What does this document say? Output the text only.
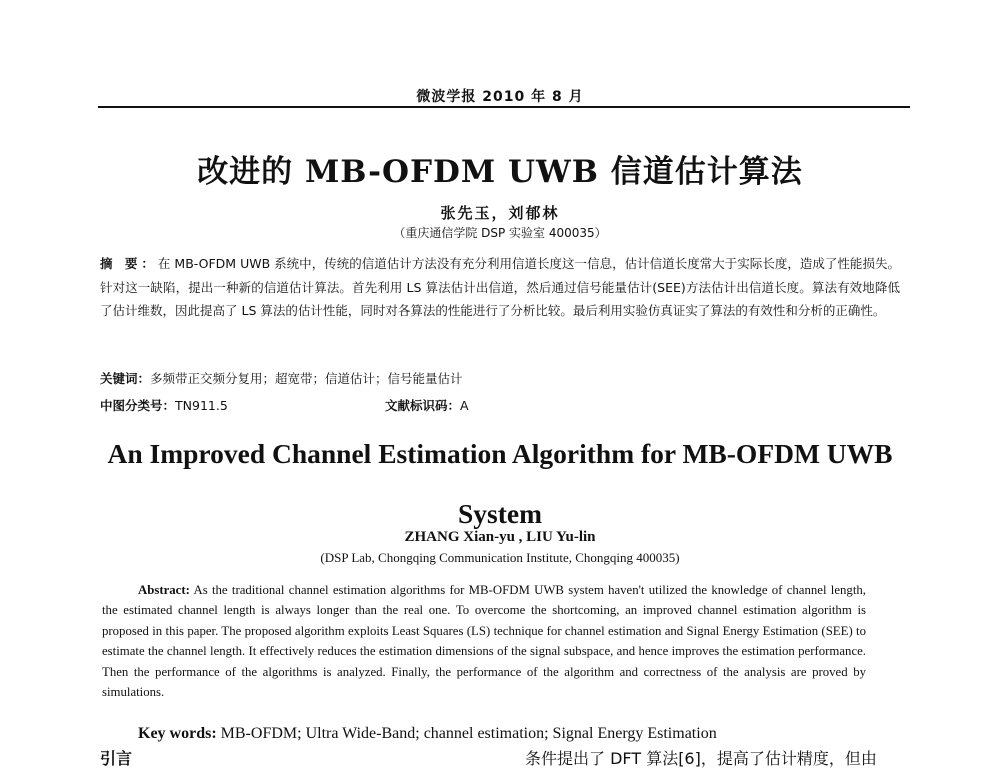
微波学报 2010 年 8 月
改进的 MB-OFDM UWB 信道估计算法
张先玉，刘郁林
（重庆通信学院 DSP 实验室 400035）
摘 要：在 MB-OFDM UWB 系统中，传统的信道估计方法没有充分利用信道长度这一信息，估计信道长度常大于实际长度，造成了性能损失。针对这一缺陷，提出一种新的信道估计算法。首先利用 LS 算法估计出信道，然后通过信号能量估计(SEE)方法估计出信道长度。算法有效地降低了估计维数，因此提高了 LS 算法的估计性能，同时对各算法的性能进行了分析比较。最后利用实验仿真证实了算法的有效性和分析的正确性。
关键词：多频带正交频分复用；超宽带；信道估计；信号能量估计
中图分类号：TN911.5	文献标识码：A
An Improved Channel Estimation Algorithm for MB-OFDM UWB
System
ZHANG Xian-yu , LIU Yu-lin
(DSP Lab, Chongqing Communication Institute, Chongqing 400035)
Abstract: As the traditional channel estimation algorithms for MB-OFDM UWB system haven't utilized the knowledge of channel length, the estimated channel length is always longer than the real one. To overcome the shortcoming, an improved channel estimation algorithm is proposed in this paper. The proposed algorithm exploits Least Squares (LS) technique for channel estimation and Signal Energy Estimation (SEE) to estimate the channel length. It effectively reduces the estimation dimensions of the signal subspace, and hence improves the estimation performance. Then the performance of the algorithms is analyzed. Finally, the performance of the algorithm and correctness of the analysis are proved by simulations.
Key words: MB-OFDM; Ultra Wide-Band; channel estimation; Signal Energy Estimation
引言	条件提出了 DFT 算法[6]，提高了估计精度，但由
